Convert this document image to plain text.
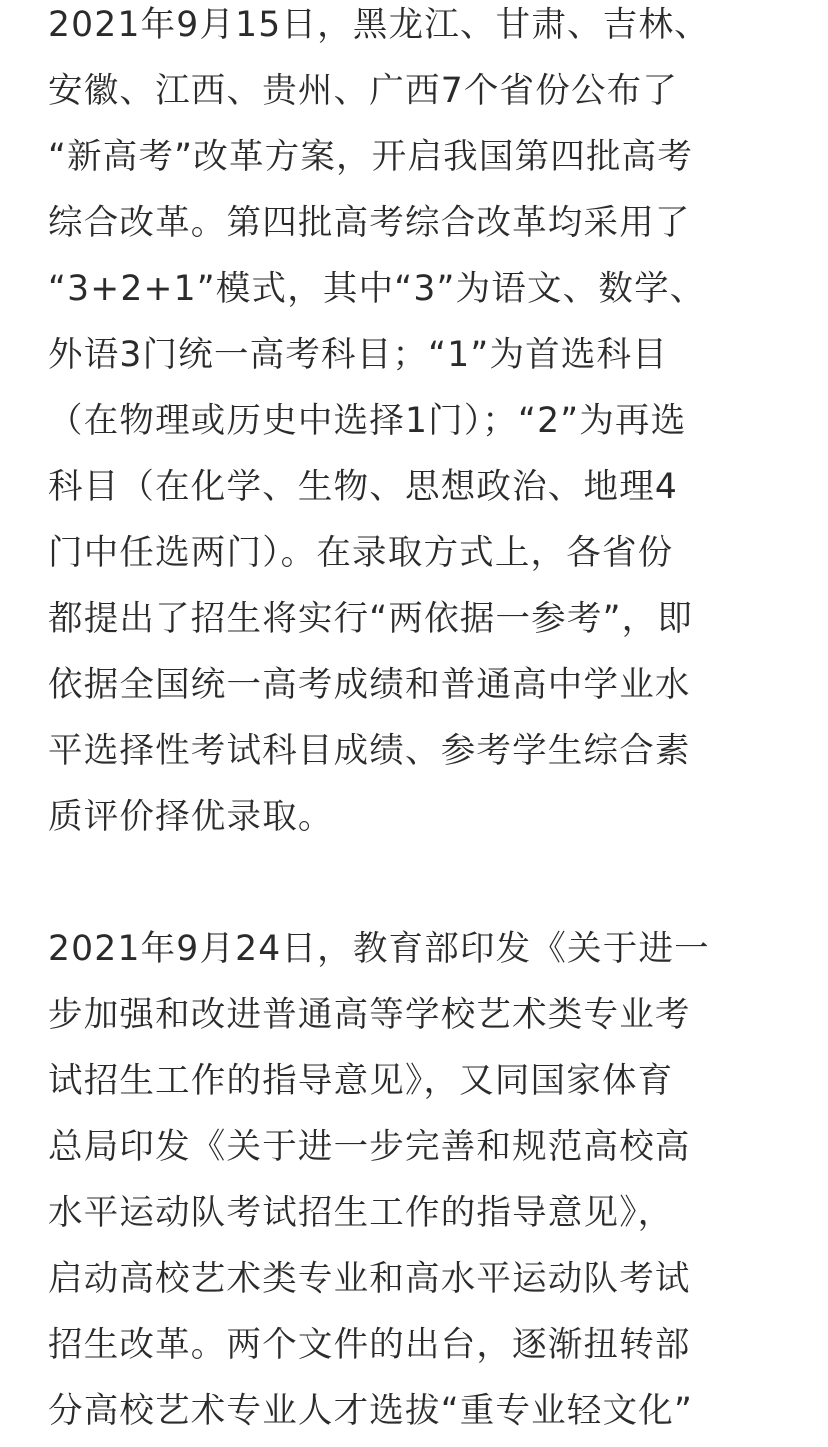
2021年9月15日，黑龙江、甘肃、吉林、
安徽、江西、贵州、广西7个省份公布了
“新高考”改革方案，开启我国第四批高考
综合改革。第四批高考综合改革均采用了
“3+2+1”模式，其中“3”为语文、数学、
外语3门统一高考科目；“1”为首选科目
（在物理或历史中选择1门）；“2”为再选
科目（在化学、生物、思想政治、地理4
门中任选两门）。在录取方式上，各省份
都提出了招生将实行“两依据一参考”，即
依据全国统一高考成绩和普通高中学业水
平选择性考试科目成绩、参考学生综合素
质评价择优录取。
2021年9月24日，教育部印发《关于进一
步加强和改进普通高等学校艺术类专业考
试招生工作的指导意见》，又同国家体育
总局印发《关于进一步完善和规范高校高
水平运动队考试招生工作的指导意见》，
启动高校艺术类专业和高水平运动队考试
招生改革。两个文件的出台，逐渐扭转部
分高校艺术专业人才选拔“重专业轻文化”
